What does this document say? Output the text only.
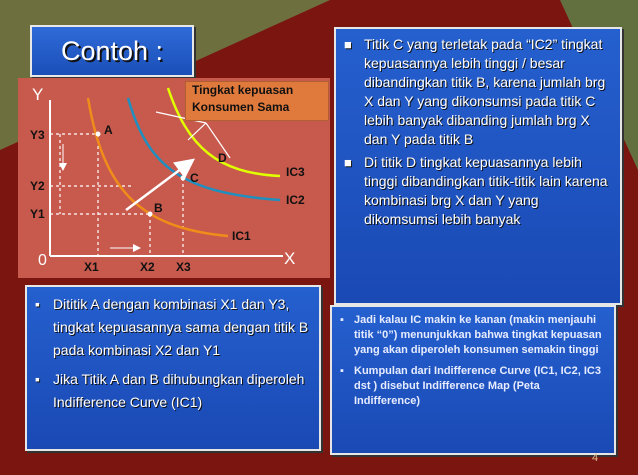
Contoh :
Y
X
0
Y3
Y2
Y1
X1	X2 X3
A
B
C
D
IC3
IC2
IC1
Tingkat kepuasan
Konsumen Sama
■ Titik C yang terletak pada “IC2” tingkat kepuasannya lebih tinggi / besar dibandingkan titik B, karena jumlah brg X dan Y yang dikonsumsi pada titik C lebih banyak dibanding jumlah brg X dan Y pada titik B
■ Di titik D tingkat kepuasannya lebih tinggi dibandingkan titik-titik lain karena kombinasi brg X dan Y yang dikomsumsi lebih banyak
▪ Dititik A dengan kombinasi X1 dan Y3, tingkat kepuasannya sama dengan titik B pada kombinasi X2 dan Y1
▪ Jika Titik A dan B dihubungkan diperoleh Indifference Curve (IC1)
▪ Jadi kalau IC makin ke kanan (makin menjauhi titik “0”) menunjukkan bahwa tingkat kepuasan yang akan diperoleh konsumen semakin tinggi
▪ Kumpulan dari Indifference Curve (IC1, IC2, IC3 dst ) disebut Indifference Map (Peta Indifference)
4
